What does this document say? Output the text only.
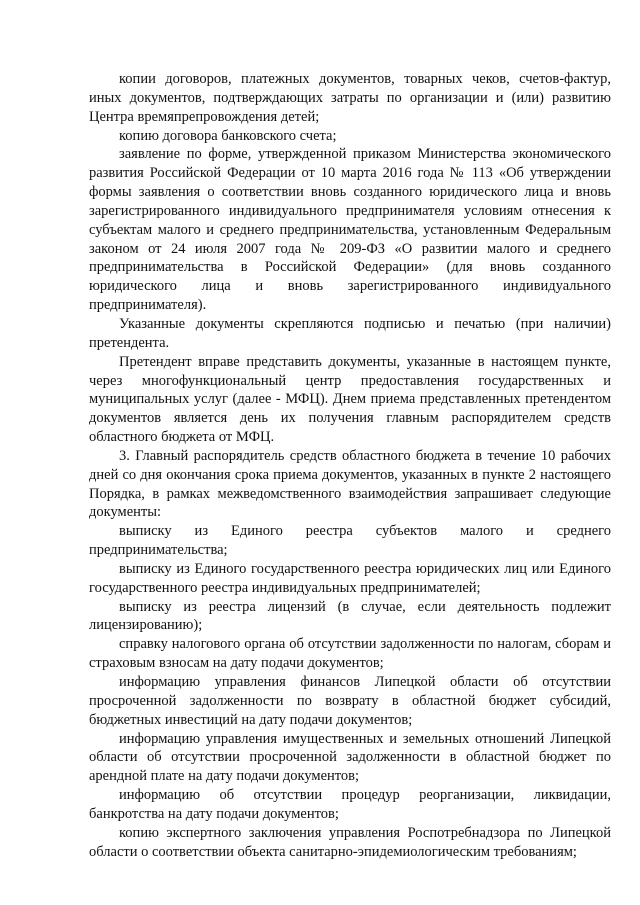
копии договоров, платежных документов, товарных чеков, счетов-фактур, иных документов, подтверждающих затраты по организации и (или) развитию Центра времяпрепровождения детей;

копию договора банковского счета;

заявление по форме, утвержденной приказом Министерства экономического развития Российской Федерации от 10 марта 2016 года № 113 «Об утверждении формы заявления о соответствии вновь созданного юридического лица и вновь зарегистрированного индивидуального предпринимателя условиям отнесения к субъектам малого и среднего предпринимательства, установленным Федеральным законом от 24 июля 2007 года № 209-ФЗ «О развитии малого и среднего предпринимательства в Российской Федерации» (для вновь созданного юридического лица и вновь зарегистрированного индивидуального предпринимателя).

Указанные документы скрепляются подписью и печатью (при наличии) претендента.

Претендент вправе представить документы, указанные в настоящем пункте, через многофункциональный центр предоставления государственных и муниципальных услуг (далее - МФЦ). Днем приема представленных претендентом документов является день их получения главным распорядителем средств областного бюджета от МФЦ.

3. Главный распорядитель средств областного бюджета в течение 10 рабочих дней со дня окончания срока приема документов, указанных в пункте 2 настоящего Порядка, в рамках межведомственного взаимодействия запрашивает следующие документы:

выписку из Единого реестра субъектов малого и среднего предпринимательства;

выписку из Единого государственного реестра юридических лиц или Единого государственного реестра индивидуальных предпринимателей;

выписку из реестра лицензий (в случае, если деятельность подлежит лицензированию);

справку налогового органа об отсутствии задолженности по налогам, сборам и страховым взносам на дату подачи документов;

информацию управления финансов Липецкой области об отсутствии просроченной задолженности по возврату в областной бюджет субсидий, бюджетных инвестиций на дату подачи документов;

информацию управления имущественных и земельных отношений Липецкой области об отсутствии просроченной задолженности в областной бюджет по арендной плате на дату подачи документов;

информацию об отсутствии процедур реорганизации, ликвидации, банкротства на дату подачи документов;

копию экспертного заключения управления Роспотребнадзора по Липецкой области о соответствии объекта санитарно-эпидемиологическим требованиям;
